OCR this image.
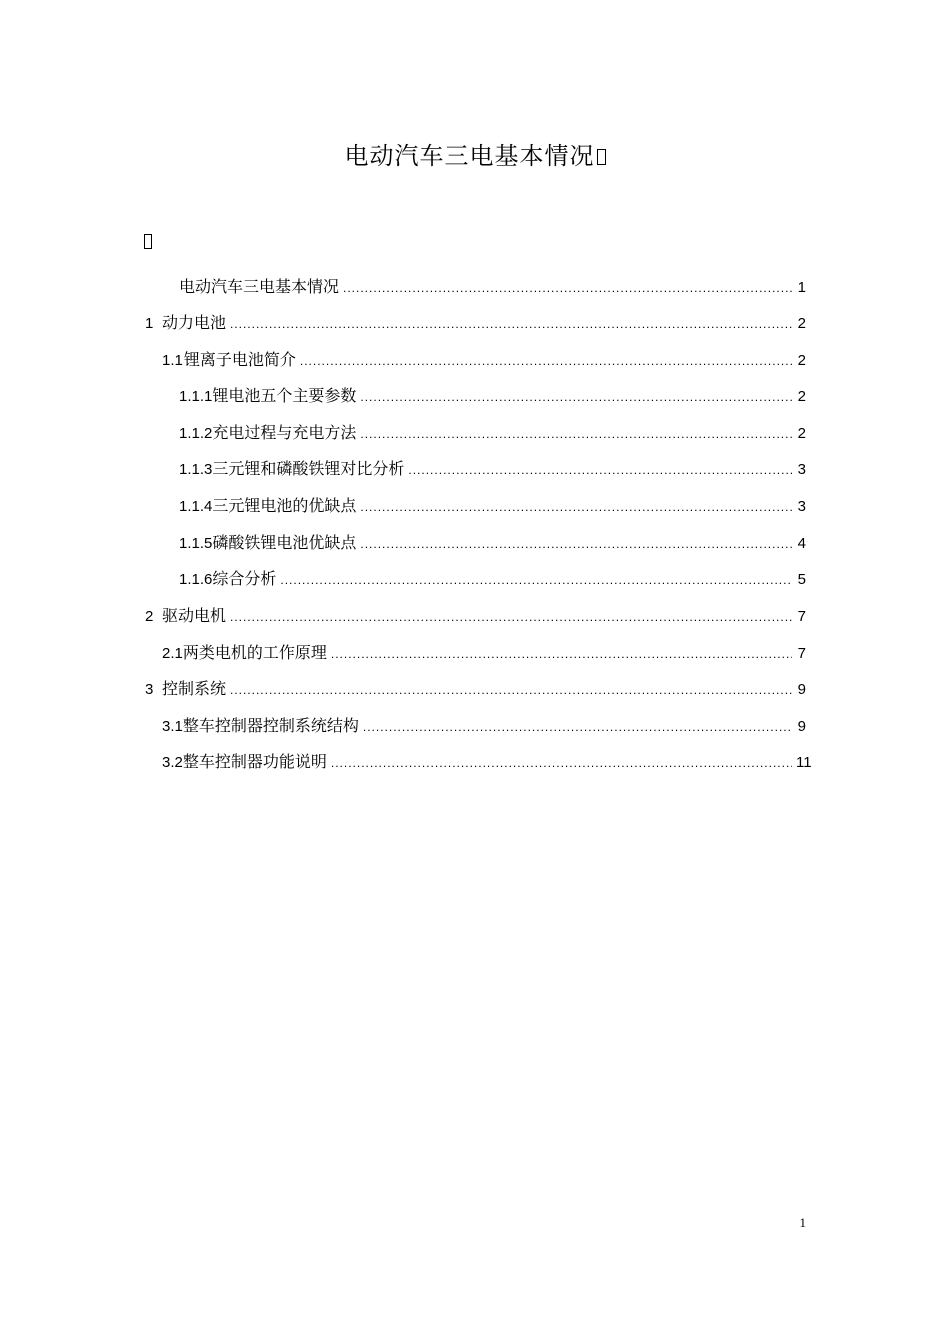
电动汽车三电基本情况
电动汽车三电基本情况 .....	1
1 动力电池 .....	2
1.1 锂离子电池简介 .....	2
1.1.1 锂电池五个主要参数 .....	2
1.1.2 充电过程与充电方法 .....	2
1.1.3 三元锂和磷酸铁锂对比分析 .....	3
1.1.4 三元锂电池的优缺点 .....	3
1.1.5 磷酸铁锂电池优缺点 .....	4
1.1.6 综合分析 .....	5
2 驱动电机 .....	7
2.1 两类电机的工作原理 .....	7
3 控制系统 .....	9
3.1 整车控制器控制系统结构 .....	9
3.2 整车控制器功能说明 .....	11
1
